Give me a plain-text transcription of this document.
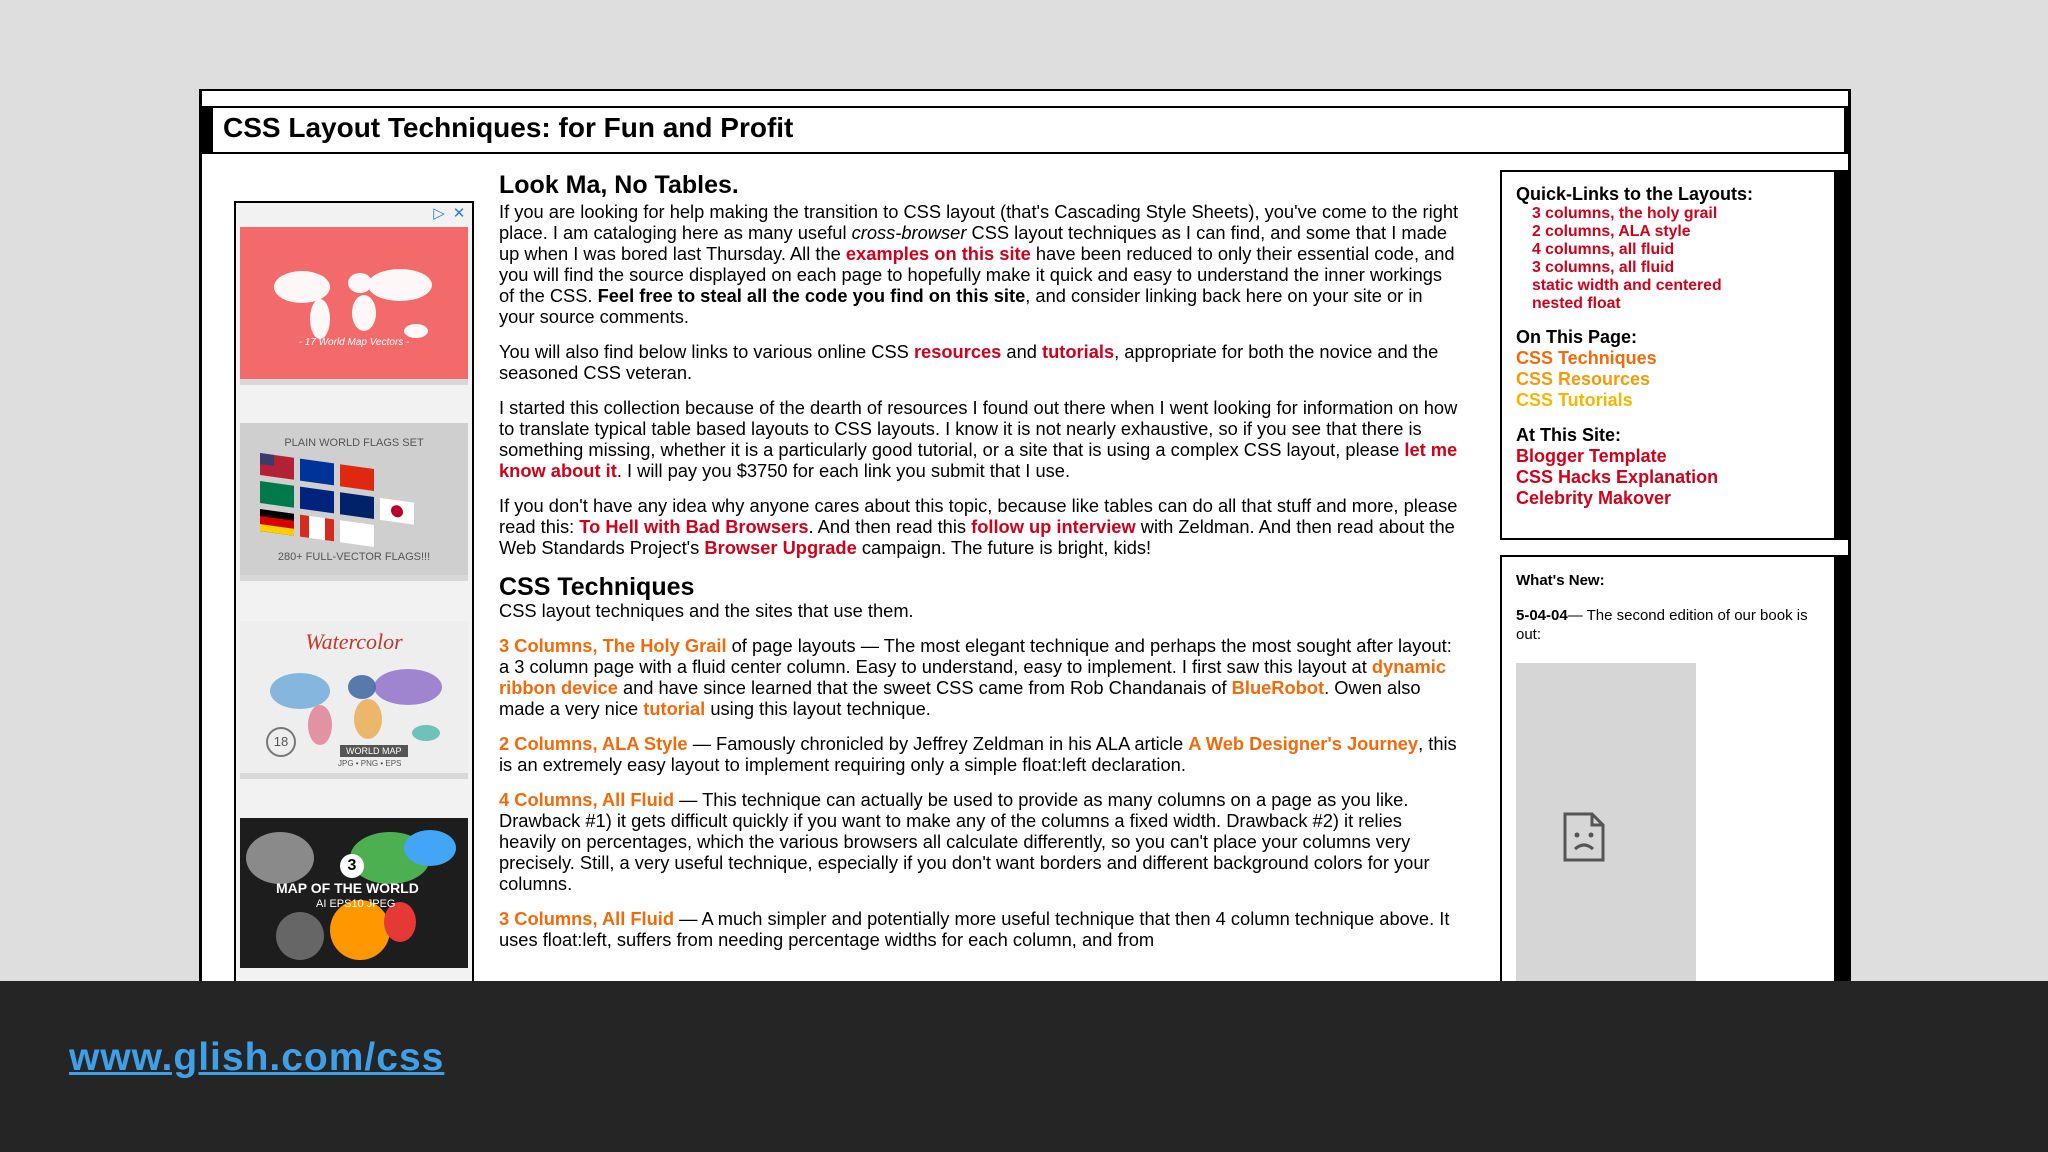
CSS Layout Techniques: for Fun and Profit
▷ ✕
- 17 World Map Vectors -
PLAIN WORLD FLAGS SET
280+ FULL-VECTOR FLAGS!!!
Watercolor
18
WORLD MAP
JPG • PNG • EPS
3
MAP OF THE WORLD
AI EPS10 JPEG
Look Ma, No Tables.

If you are looking for help making the transition to CSS layout (that's Cascading Style Sheets), you've come to the right place. I am cataloging here as many useful cross-browser CSS layout techniques as I can find, and some that I made up when I was bored last Thursday. All the examples on this site have been reduced to only their essential code, and you will find the source displayed on each page to hopefully make it quick and easy to understand the inner workings of the CSS. Feel free to steal all the code you find on this site, and consider linking back here on your site or in your source comments.

You will also find below links to various online CSS resources and tutorials, appropriate for both the novice and the seasoned CSS veteran.

I started this collection because of the dearth of resources I found out there when I went looking for information on how to translate typical table based layouts to CSS layouts. I know it is not nearly exhaustive, so if you see that there is something missing, whether it is a particularly good tutorial, or a site that is using a complex CSS layout, please let me know about it. I will pay you $3750 for each link you submit that I use.

If you don't have any idea why anyone cares about this topic, because like tables can do all that stuff and more, please read this: To Hell with Bad Browsers. And then read this follow up interview with Zeldman. And then read about the Web Standards Project's Browser Upgrade campaign. The future is bright, kids!

CSS Techniques

CSS layout techniques and the sites that use them.

3 Columns, The Holy Grail of page layouts — The most elegant technique and perhaps the most sought after layout: a 3 column page with a fluid center column. Easy to understand, easy to implement. I first saw this layout at dynamic ribbon device and have since learned that the sweet CSS came from Rob Chandanais of BlueRobot. Owen also made a very nice tutorial using this layout technique.

2 Columns, ALA Style — Famously chronicled by Jeffrey Zeldman in his ALA article A Web Designer's Journey, this is an extremely easy layout to implement requiring only a simple float:left declaration.

4 Columns, All Fluid — This technique can actually be used to provide as many columns on a page as you like. Drawback #1) it gets difficult quickly if you want to make any of the columns a fixed width. Drawback #2) it relies heavily on percentages, which the various browsers all calculate differently, so you can't place your columns very precisely. Still, a very useful technique, especially if you don't want borders and different background colors for your columns.

3 Columns, All Fluid — A much simpler and potentially more useful technique that then 4 column technique above. It uses float:left, suffers from needing percentage widths for each column, and from

Quick-Links to the Layouts:
3 columns, the holy grail
2 columns, ALA style
4 columns, all fluid
3 columns, all fluid
static width and centered
nested float
On This Page:
CSS Techniques
CSS Resources
CSS Tutorials
At This Site:
Blogger Template
CSS Hacks Explanation
Celebrity Makover
What's New:
5-04-04— The second edition of our book is out:
www.glish.com/css
